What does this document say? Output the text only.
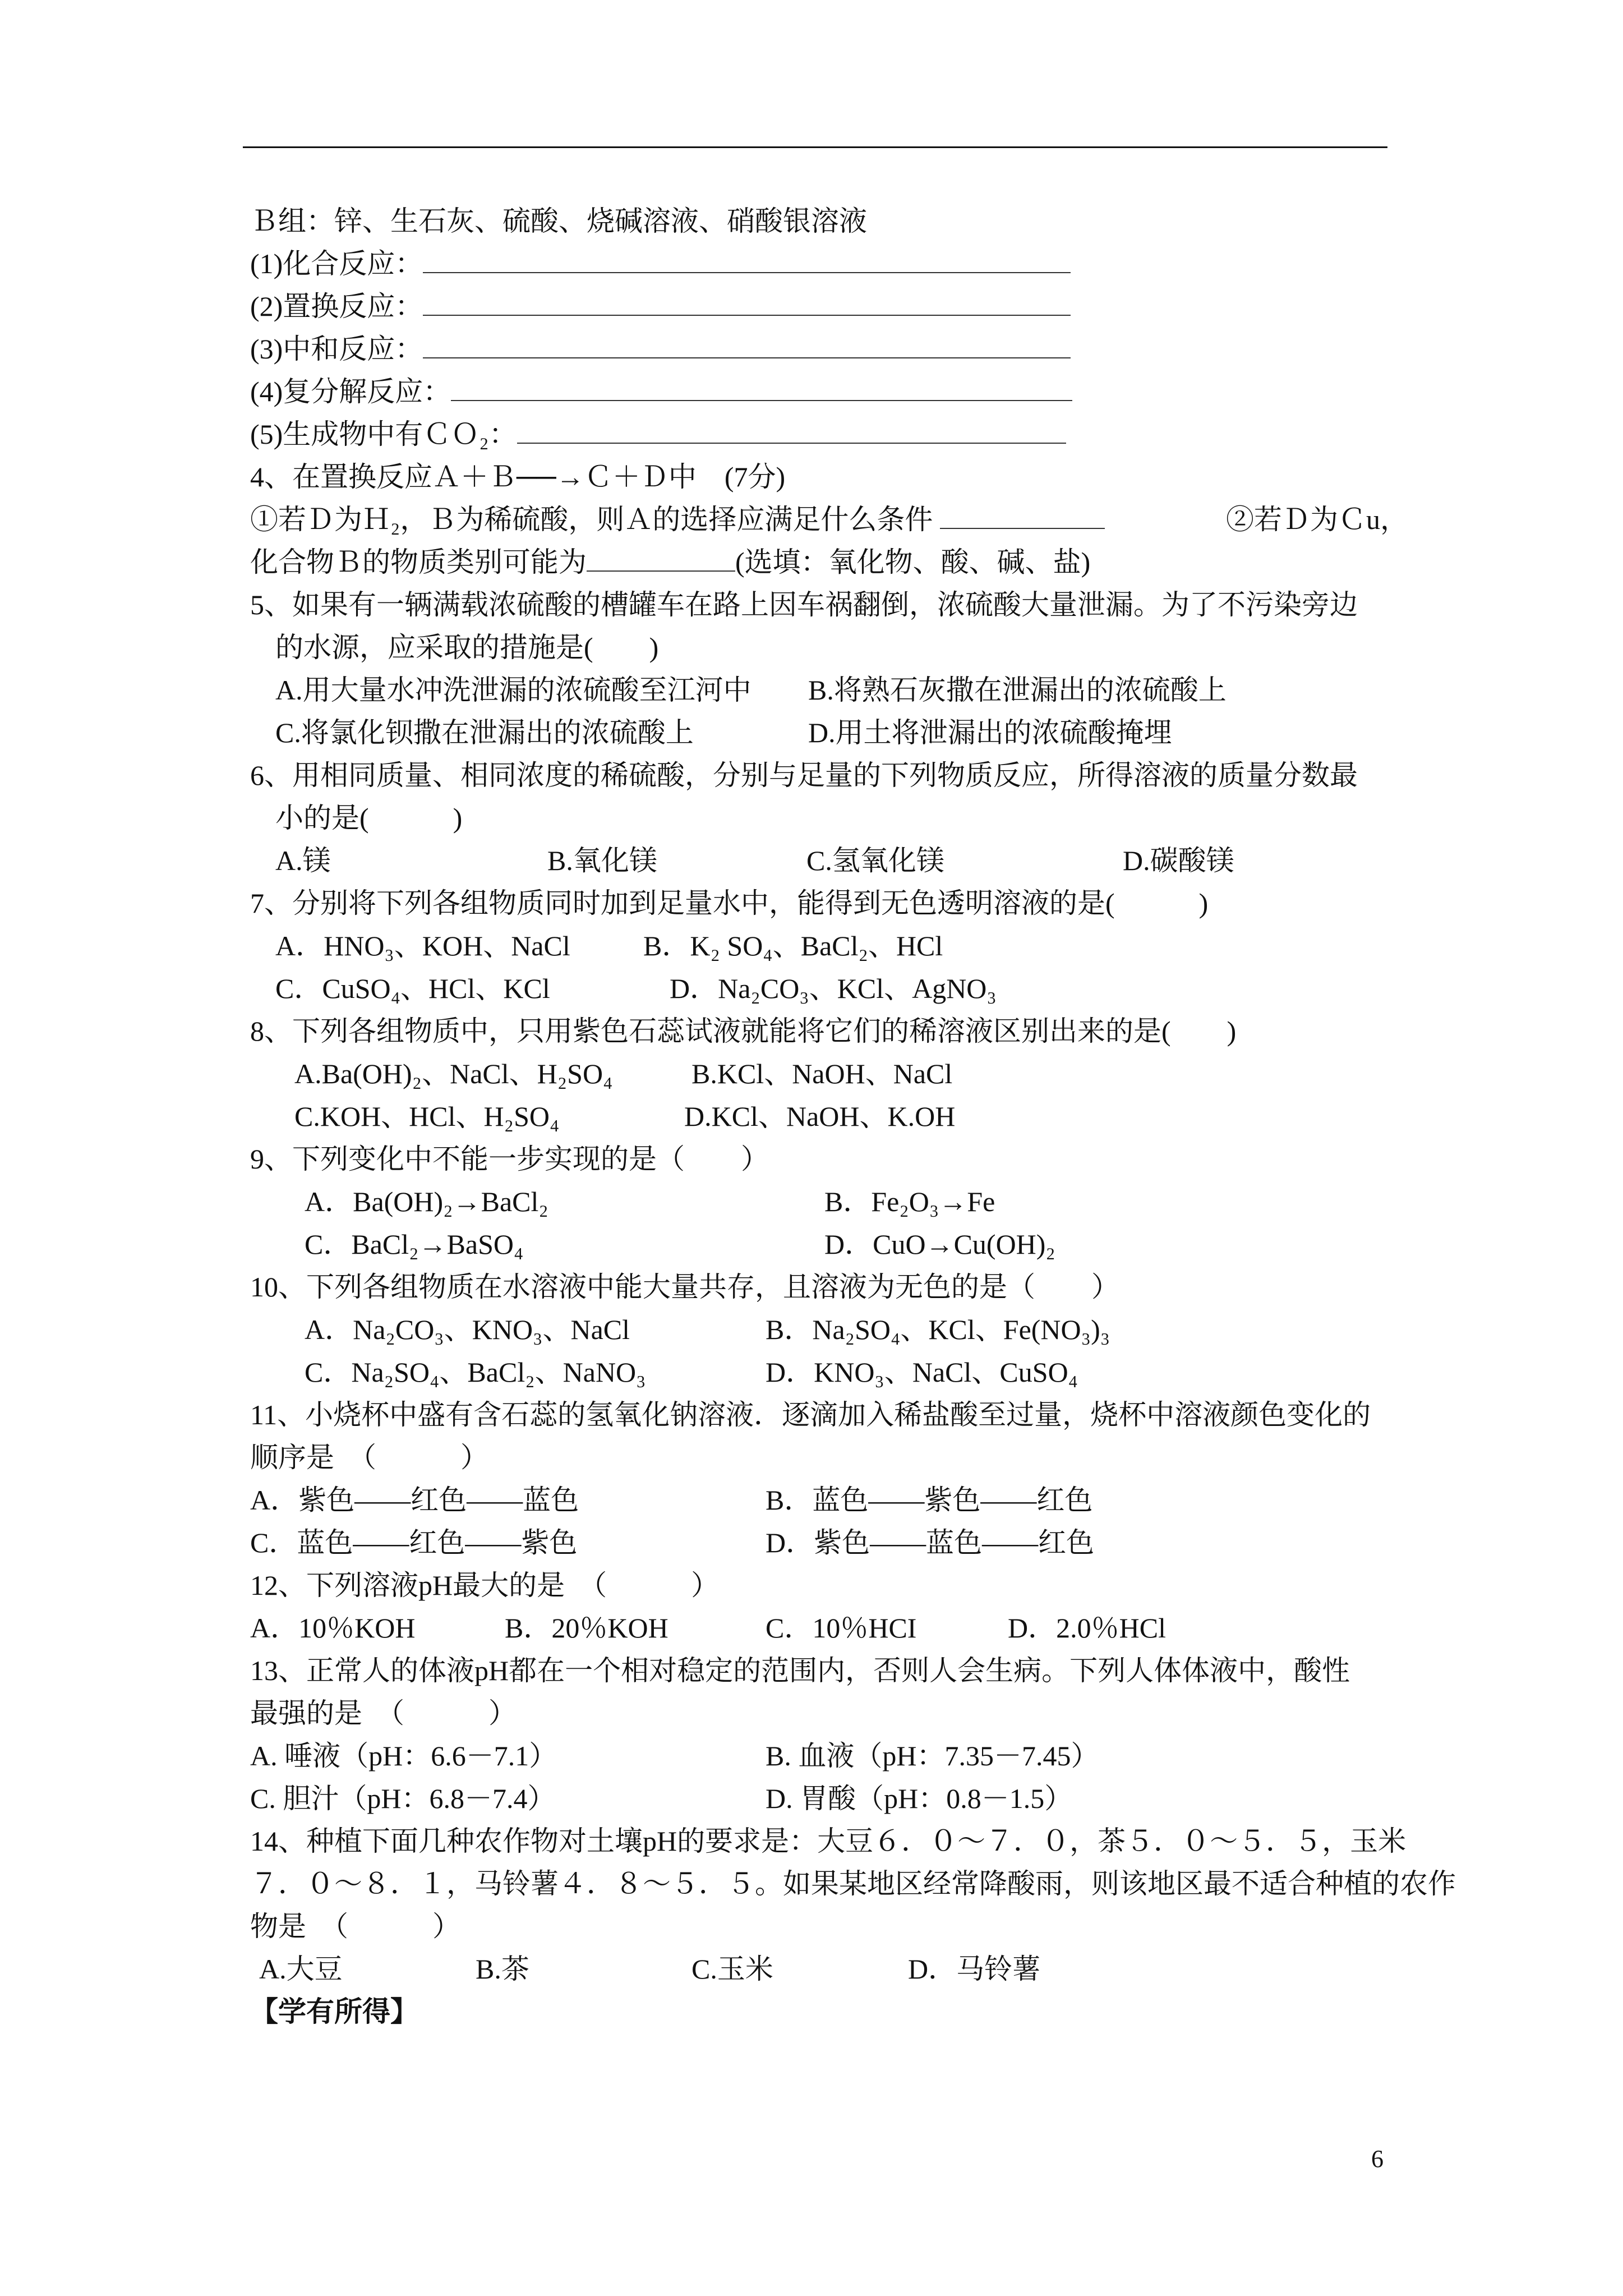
Ｂ组：锌、生石灰、硫酸、烧碱溶液、硝酸银溶液
(1)化合反应：
(2)置换反应：
(3)中和反应：
(4)复分解反应：
(5)生成物中有ＣＯ₂：
4、在置换反应Ａ＋Ｂ──→Ｃ＋Ｄ中　(7分)
①若Ｄ为Ｈ₂，Ｂ为稀硫酸，则Ａ的选择应满足什么条件	②若Ｄ为Ｃu，
化合物Ｂ的物质类别可能为	(选填：氧化物、酸、碱、盐)
5、如果有一辆满载浓硫酸的槽罐车在路上因车祸翻倒，浓硫酸大量泄漏。为了不污染旁边
的水源，应采取的措施是(　　)
A.用大量水冲洗泄漏的浓硫酸至江河中 B.将熟石灰撒在泄漏出的浓硫酸上
C.将氯化钡撒在泄漏出的浓硫酸上	D.用土将泄漏出的浓硫酸掩埋
6、用相同质量、相同浓度的稀硫酸，分别与足量的下列物质反应，所得溶液的质量分数最
小的是(　　　)
A.镁	B.氧化镁	C.氢氧化镁	D.碳酸镁
7、分别将下列各组物质同时加到足量水中，能得到无色透明溶液的是(　　　)
A．HNO₃、KOH、NaCl	B．K₂ SO₄、BaCl₂、HCl
C．CuSO₄、HCl、KCl	D．Na₂CO₃、KCl、AgNO₃
8、下列各组物质中，只用紫色石蕊试液就能将它们的稀溶液区别出来的是(　　)
A.Ba(OH)₂、NaCl、H₂SO₄	B.KCl、NaOH、NaCl
C.KOH、HCl、H₂SO₄	D.KCl、NaOH、K.OH
9、下列变化中不能一步实现的是（　　）
A．Ba(OH)₂→BaCl₂	B．Fe₂O₃→Fe
C．BaCl₂→BaSO₄	D．CuO→Cu(OH)₂
10、下列各组物质在水溶液中能大量共存，且溶液为无色的是（　　）
A．Na₂CO₃、KNO₃、NaCl	B．Na₂SO₄、KCl、Fe(NO₃)₃
C．Na₂SO₄、BaCl₂、NaNO₃	D．KNO₃、NaCl、CuSO₄
11、小烧杯中盛有含石蕊的氢氧化钠溶液．逐滴加入稀盐酸至过量，烧杯中溶液颜色变化的
顺序是　（　　　）
A．紫色——红色——蓝色	B．蓝色——紫色——红色
C．蓝色——红色——紫色	D．紫色——蓝色——红色
12、下列溶液pH最大的是　（　　　）
A．10％KOH	B．20％KOH	C．10％HCI	D．2.0％HCl
13、正常人的体液pH都在一个相对稳定的范围内，否则人会生病。下列人体体液中，酸性
最强的是　（　　　）
A. 唾液（pH：6.6－7.1）	B. 血液（pH：7.35－7.45）
C. 胆汁（pH：6.8－7.4）	D. 胃酸（pH：0.8－1.5）
14、种植下面几种农作物对土壤pH的要求是：大豆６．０～７．０，茶５．０～５．５，玉米
７．０～８．１，马铃薯４．８～５．５。如果某地区经常降酸雨，则该地区最不适合种植的农作
物是　（　　　）
A.大豆	B.茶	C.玉米	D．马铃薯
【学有所得】
6
